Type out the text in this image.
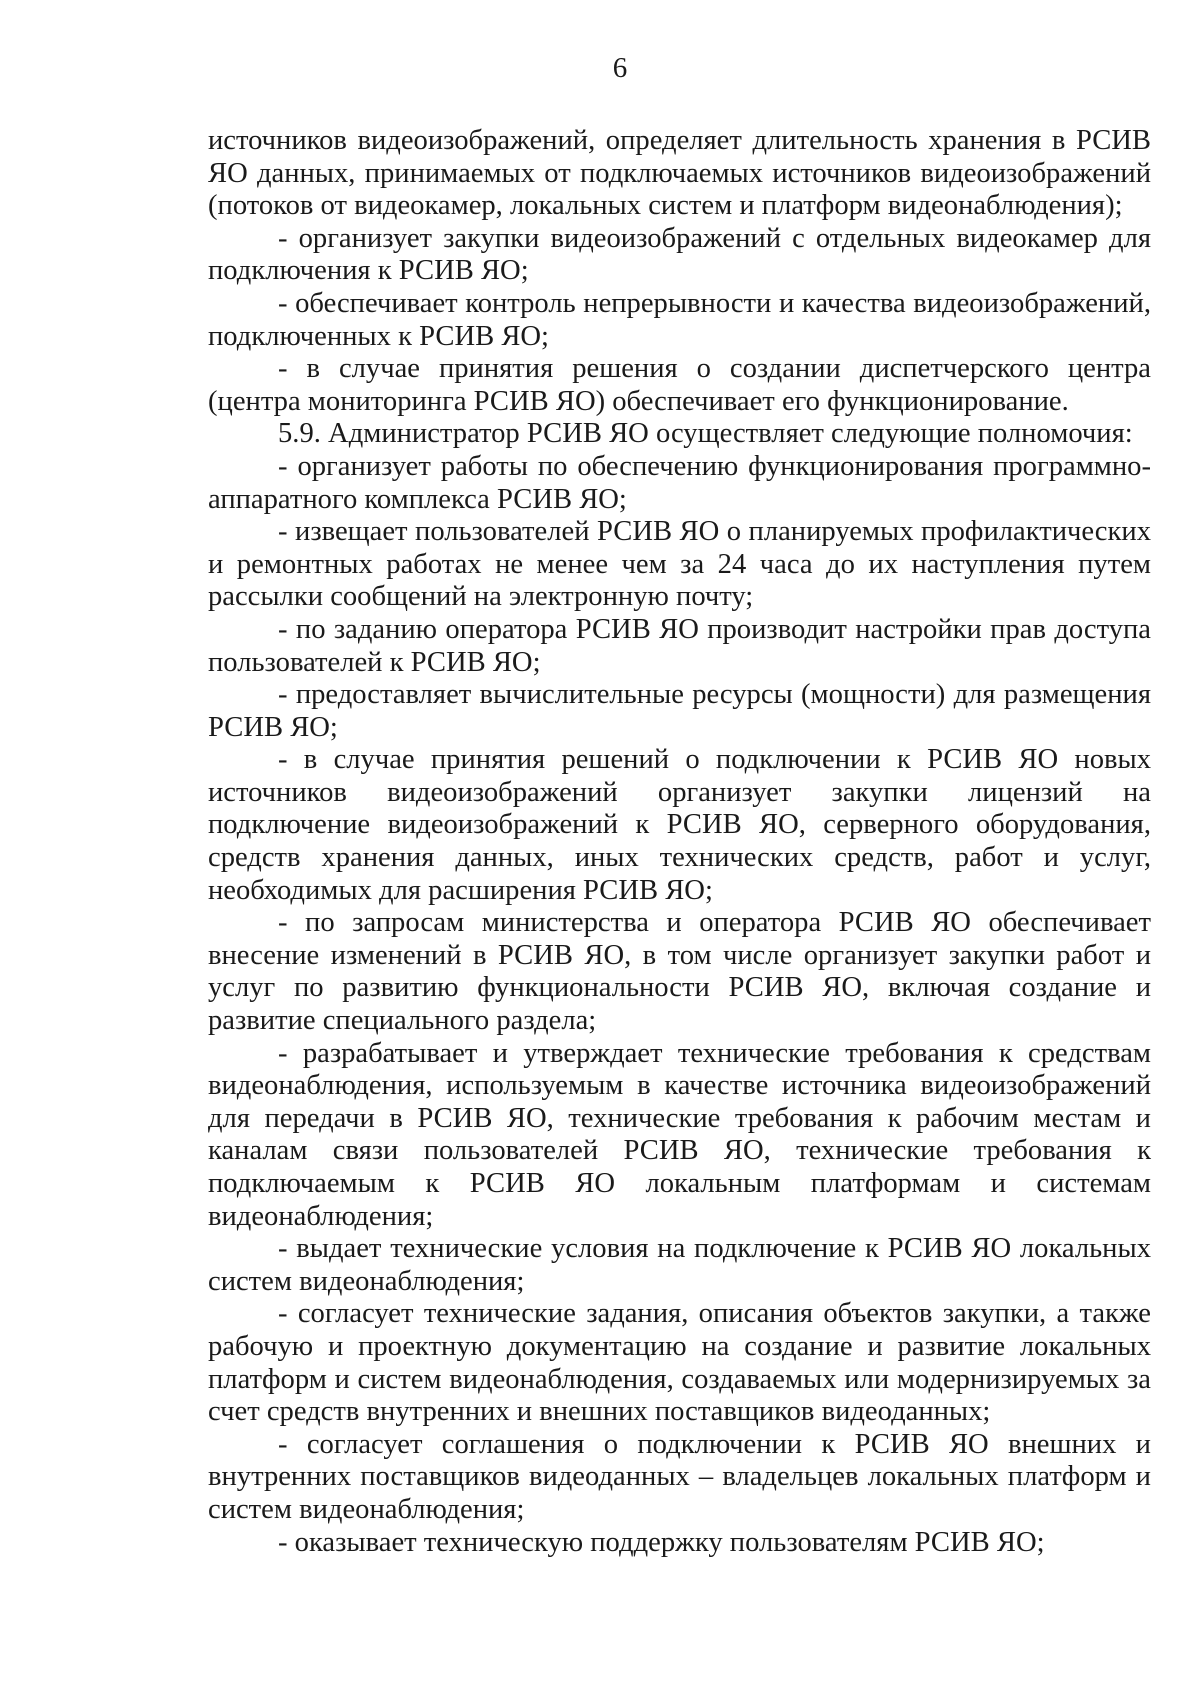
6

источников видеоизображений, определяет длительность хранения в РСИВ ЯО данных, принимаемых от подключаемых источников видеоизображений (потоков от видеокамер, локальных систем и платформ видеонаблюдения);

- организует закупки видеоизображений с отдельных видеокамер для подключения к РСИВ ЯО;

- обеспечивает контроль непрерывности и качества видеоизображений, подключенных к РСИВ ЯО;

- в случае принятия решения о создании диспетчерского центра (центра мониторинга РСИВ ЯО) обеспечивает его функционирование.

5.9. Администратор РСИВ ЯО осуществляет следующие полномочия:

- организует работы по обеспечению функционирования программно-аппаратного комплекса РСИВ ЯО;

- извещает пользователей РСИВ ЯО о планируемых профилактических и ремонтных работах не менее чем за 24 часа до их наступления путем рассылки сообщений на электронную почту;

- по заданию оператора РСИВ ЯО производит настройки прав доступа пользователей к РСИВ ЯО;

- предоставляет вычислительные ресурсы (мощности) для размещения РСИВ ЯО;

- в случае принятия решений о подключении к РСИВ ЯО новых источников видеоизображений организует закупки лицензий на подключение видеоизображений к РСИВ ЯО, серверного оборудования, средств хранения данных, иных технических средств, работ и услуг, необходимых для расширения РСИВ ЯО;

- по запросам министерства и оператора РСИВ ЯО обеспечивает внесение изменений в РСИВ ЯО, в том числе организует закупки работ и услуг по развитию функциональности РСИВ ЯО, включая создание и развитие специального раздела;

- разрабатывает и утверждает технические требования к средствам видеонаблюдения, используемым в качестве источника видеоизображений для передачи в РСИВ ЯО, технические требования к рабочим местам и каналам связи пользователей РСИВ ЯО, технические требования к подключаемым к РСИВ ЯО локальным платформам и системам видеонаблюдения;

- выдает технические условия на подключение к РСИВ ЯО локальных систем видеонаблюдения;

- согласует технические задания, описания объектов закупки, а также рабочую и проектную документацию на создание и развитие локальных платформ и систем видеонаблюдения, создаваемых или модернизируемых за счет средств внутренних и внешних поставщиков видеоданных;

- согласует соглашения о подключении к РСИВ ЯО внешних и внутренних поставщиков видеоданных – владельцев локальных платформ и систем видеонаблюдения;

- оказывает техническую поддержку пользователям РСИВ ЯО;
